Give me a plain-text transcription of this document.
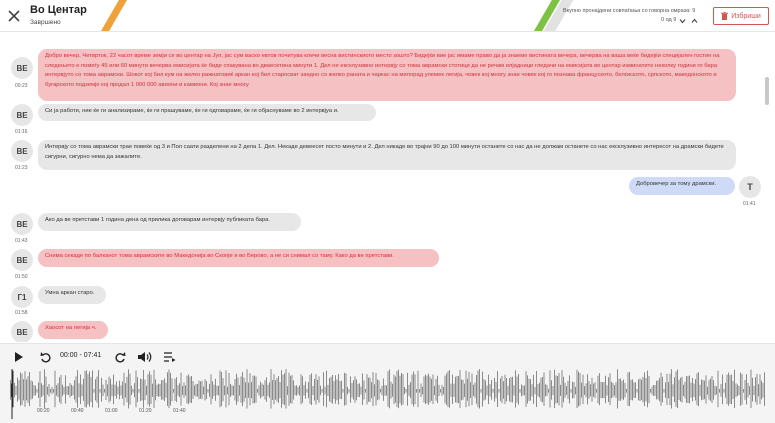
Во Центар
Завршено
Вкупно пронајдени совпаѓања со говорна омраза: 9
0 од 9
Избриши
ВЕ
00:23
Добро вечер, Четврток, 22 часот време земји се во центар на Јуп, јас сум васко евтов почитува клечи весна вистинскиото место зошто? Бидејќи вие јас имаме право да ја знаеме вистината вечера, вечерва на ваша веќе бидејќи специјален гостин на следењето е помеѓу 45 или 60 минути вечерва емисијата ќе биде спакувана во дваесетина минути 1. Дел не ексклузивно интервју со тома аврамски стотици да не речам илјадници гледачи на емисијата во центар изминатите неколку години го бара интервјуто со тома аврамски. Шокот кој бил кум на желко ражнатовиќ аркан кој бил старосват заедно со желко раната и чаркас на милорад улемек легија, човек кој многу знае човек кој го познава француското, белгиското, српското, македонското и бугарското подземје кој продал 1 000 000 авиони и камиони. Кој знае многу.
ВЕ
01:16
Си ја работи, ние ќе ги анализираме, ќе ги прашуваме, ќе ги одговараме, ќе ги објаснуваме во 2 интервјуа и.
ВЕ
01:23
Интервју со тома аврамски трае повеќе од 3 и Пол саати разделени на 2 дела 1. Дел. Некаде девеесет посто минути и 2. Дел никаде во трајни 90 до 100 минути останете со нас да не должам останете со нас ексклузивно интересот на драмски бидете сигурни, сигурно нема да зажалите.
Т
01:41
Добровечер за тому драмски.
ВЕ
01:43
Ако да ве претстави 1 година дена од прилика договарам интервју публиката бара.
ВЕ
01:50
Снима секаде по балканот тома аврамските во Македонија во Скопје и во Берово, а не си снимал со таму. Како да ве претстави.
Г1
01:58
Умна аркан старо.
ВЕ	Хаосот на легија ч.
00:00 - 07:41
00:20	00:40	01:00	01:20	01:40
